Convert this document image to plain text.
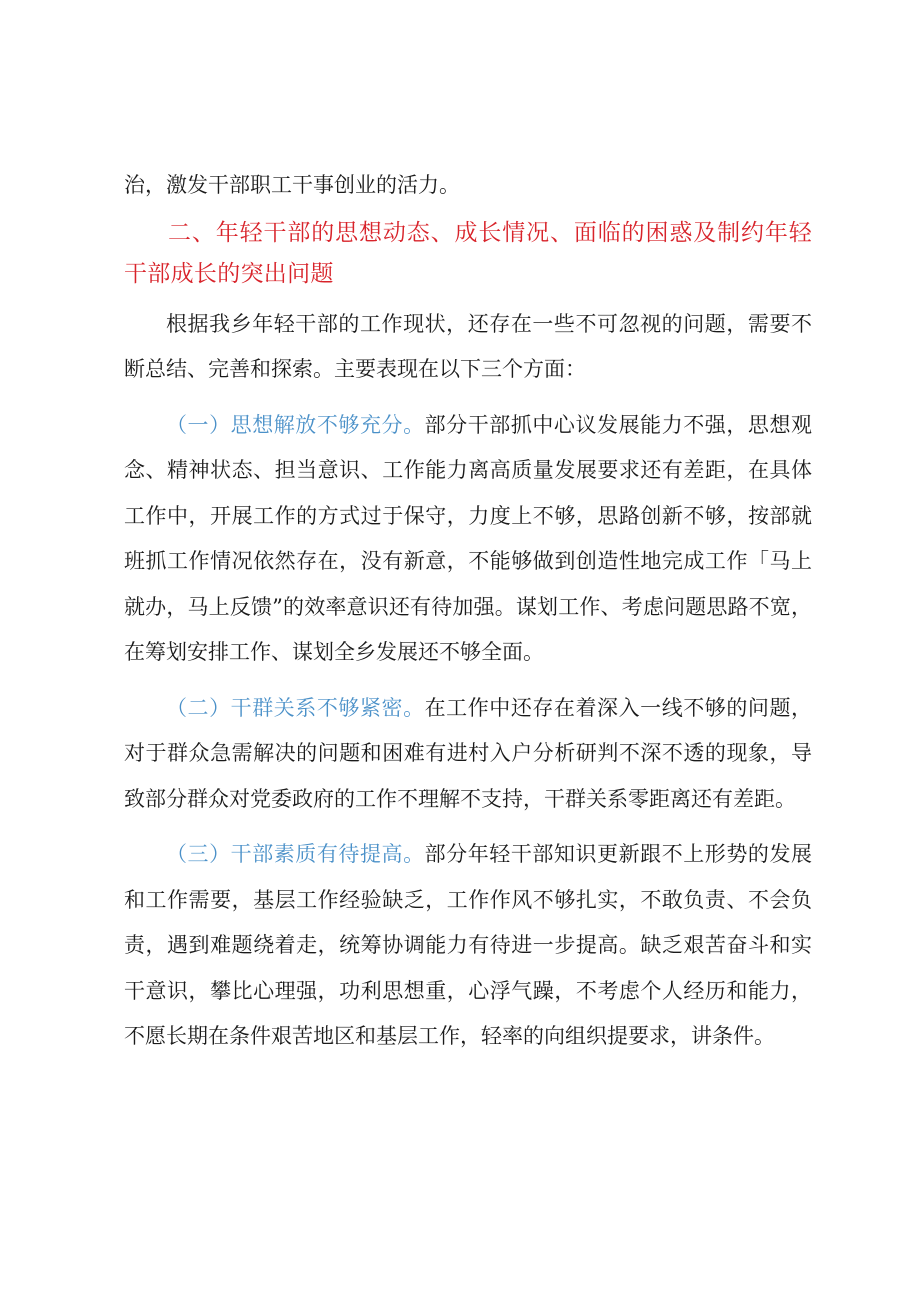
治，激发干部职工干事创业的活力。

二、年轻干部的思想动态、成长情况、面临的困惑及制约年轻干部成长的突出问题

根据我乡年轻干部的工作现状，还存在一些不可忽视的问题，需要不断总结、完善和探索。主要表现在以下三个方面：

（一）思想解放不够充分。部分干部抓中心议发展能力不强，思想观念、精神状态、担当意识、工作能力离高质量发展要求还有差距，在具体工作中，开展工作的方式过于保守，力度上不够，思路创新不够，按部就班抓工作情况依然存在，没有新意，不能够做到创造性地完成工作「马上就办，马上反馈”的效率意识还有待加强。谋划工作、考虑问题思路不宽，在筹划安排工作、谋划全乡发展还不够全面。

（二）干群关系不够紧密。在工作中还存在着深入一线不够的问题，对于群众急需解决的问题和困难有进村入户分析研判不深不透的现象，导致部分群众对党委政府的工作不理解不支持，干群关系零距离还有差距。

（三）干部素质有待提高。部分年轻干部知识更新跟不上形势的发展和工作需要，基层工作经验缺乏，工作作风不够扎实，不敢负责、不会负责，遇到难题绕着走，统筹协调能力有待进一步提高。缺乏艰苦奋斗和实干意识，攀比心理强，功利思想重，心浮气躁，不考虑个人经历和能力，不愿长期在条件艰苦地区和基层工作，轻率的向组织提要求，讲条件。
